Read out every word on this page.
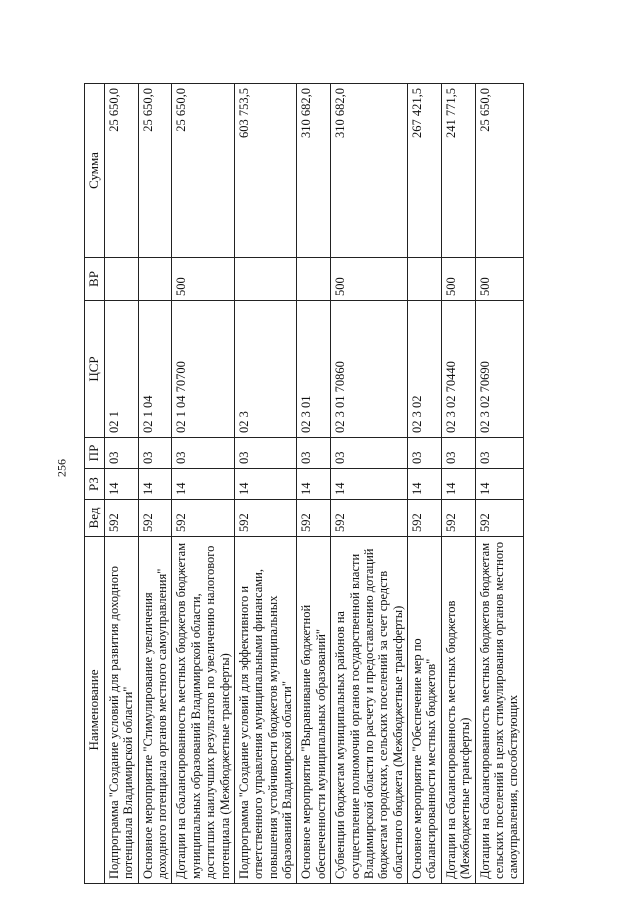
256
Наименование	Вед	РЗ	ПР	ЦСР	ВР	Сумма
Подпрограмма "Создание условий для развития доходного потенциала Владимирской области"	592	14	03	02 1		25 650,0
Основное мероприятие "Стимулирование увеличения доходного потенциала органов местного самоуправления"	592	14	03	02 1 04		25 650,0
Дотации на сбалансированность местных бюджетов бюджетам муниципальных образований Владимирской области, достигших наилучших результатов по увеличению налогового потенциала (Межбюджетные трансферты)	592	14	03	02 1 04 70700	500	25 650,0
Подпрограмма "Создание условий для эффективного и ответственного управления муниципальными финансами, повышения устойчивости бюджетов муниципальных образований Владимирской области"	592	14	03	02 3		603 753,5
Основное мероприятие "Выравнивание бюджетной обеспеченности муниципальных образований"	592	14	03	02 3 01		310 682,0
Субвенции бюджетам муниципальных районов на осуществление полномочий органов государственной власти Владимирской области по расчету и предоставлению дотаций бюджетам городских, сельских поселений за счет средств областного бюджета (Межбюджетные трансферты)	592	14	03	02 3 01 70860	500	310 682,0
Основное мероприятие "Обеспечение мер по сбалансированности местных бюджетов"	592	14	03	02 3 02		267 421,5
Дотации на сбалансированность местных бюджетов (Межбюджетные трансферты)	592	14	03	02 3 02 70440	500	241 771,5
Дотации на сбалансированность местных бюджетов бюджетам сельских поселений в целях стимулирования органов местного самоуправления, способствующих	592	14	03	02 3 02 70690	500	25 650,0
